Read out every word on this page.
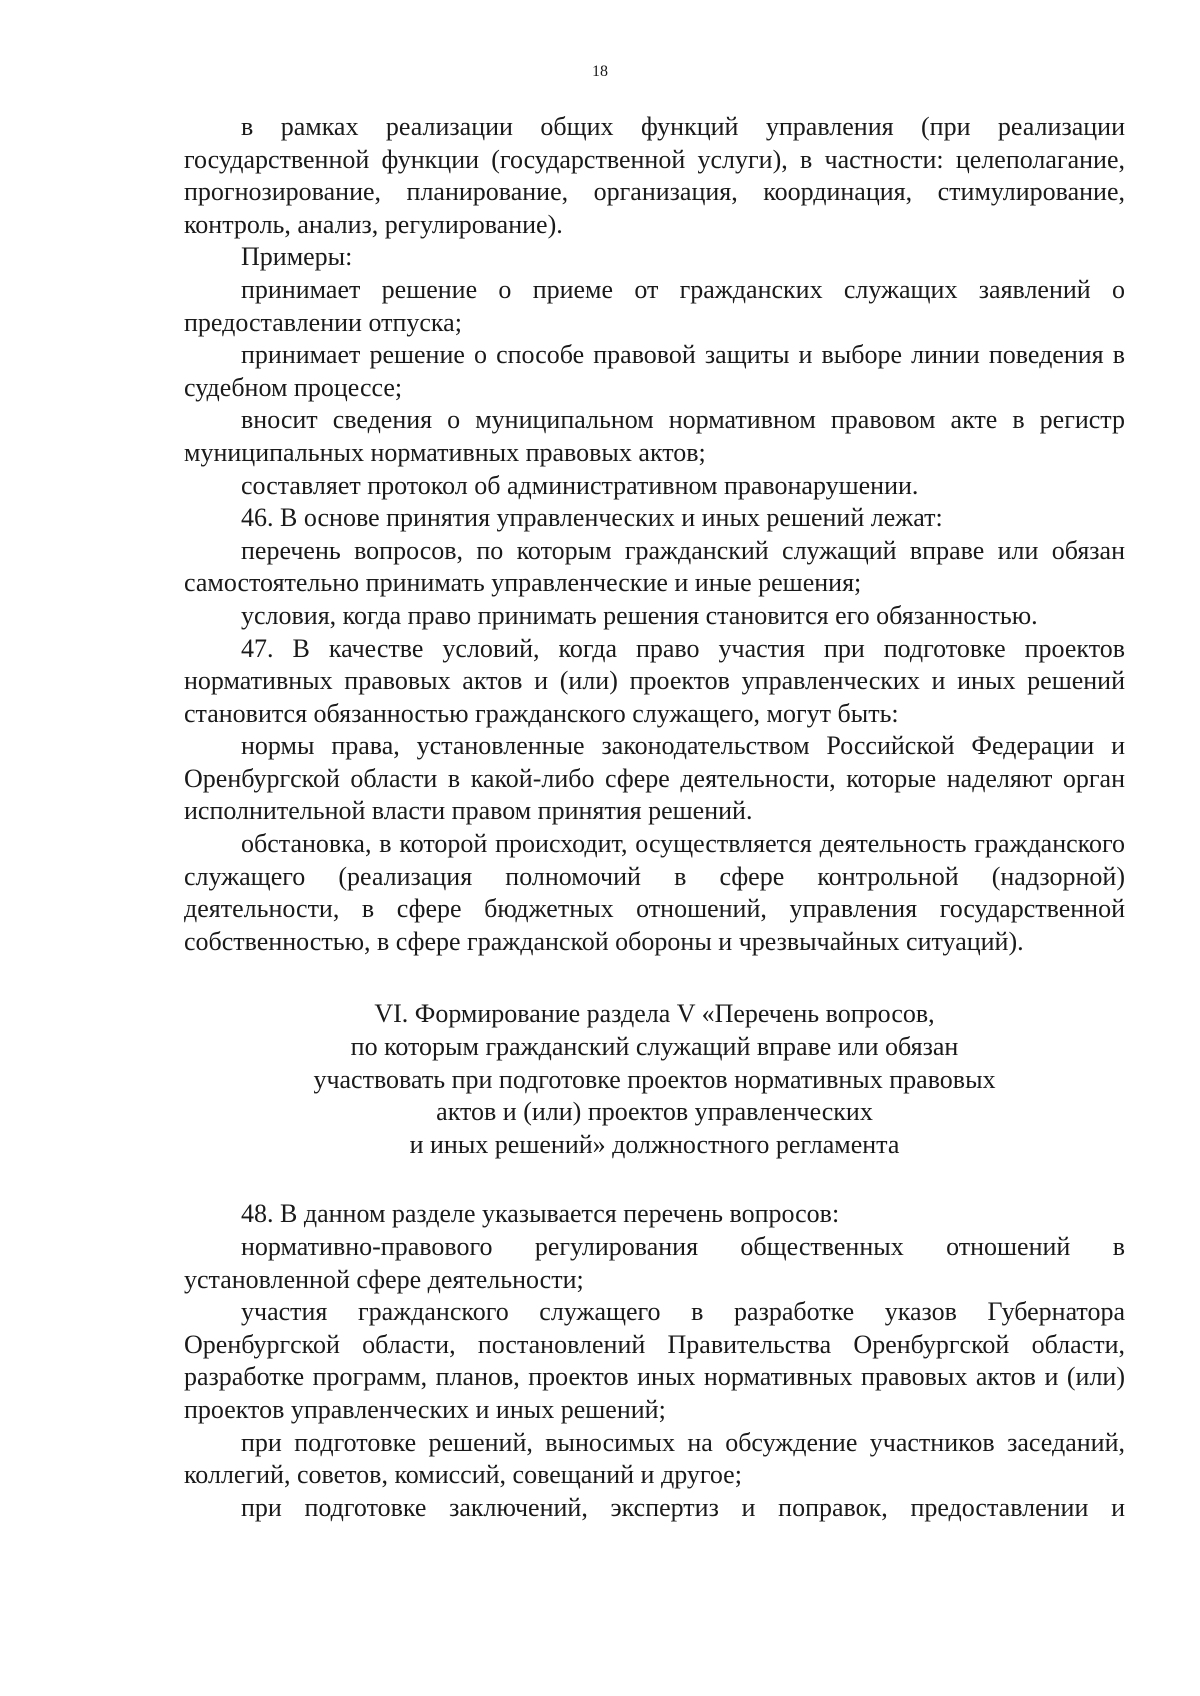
18

в рамках реализации общих функций управления (при реализации государственной функции (государственной услуги), в частности: целеполагание, прогнозирование, планирование, организация, координация, стимулирование, контроль, анализ, регулирование).

Примеры:

принимает решение о приеме от гражданских служащих заявлений о предоставлении отпуска;

принимает решение о способе правовой защиты и выборе линии поведения в судебном процессе;

вносит сведения о муниципальном нормативном правовом акте в регистр муниципальных нормативных правовых актов;

составляет протокол об административном правонарушении.

46. В основе принятия управленческих и иных решений лежат:

перечень вопросов, по которым гражданский служащий вправе или обязан самостоятельно принимать управленческие и иные решения;

условия, когда право принимать решения становится его обязанностью.

47. В качестве условий, когда право участия при подготовке проектов нормативных правовых актов и (или) проектов управленческих и иных решений становится обязанностью гражданского служащего, могут быть:

нормы права, установленные законодательством Российской Федерации и Оренбургской области в какой-либо сфере деятельности, которые наделяют орган исполнительной власти правом принятия решений.

обстановка, в которой происходит, осуществляется деятельность гражданского служащего (реализация полномочий в сфере контрольной (надзорной) деятельности, в сфере бюджетных отношений, управления государственной собственностью, в сфере гражданской обороны и чрезвычайных ситуаций).

VI. Формирование раздела V «Перечень вопросов,
по которым гражданский служащий вправе или обязан
участвовать при подготовке проектов нормативных правовых
актов и (или) проектов управленческих
и иных решений» должностного регламента

48. В данном разделе указывается перечень вопросов:

нормативно-правового регулирования общественных отношений в установленной сфере деятельности;

участия гражданского служащего в разработке указов Губернатора Оренбургской области, постановлений Правительства Оренбургской области, разработке программ, планов, проектов иных нормативных правовых актов и (или) проектов управленческих и иных решений;

при подготовке решений, выносимых на обсуждение участников заседаний, коллегий, советов, комиссий, совещаний и другое;

при подготовке заключений, экспертиз и поправок, предоставлении и
